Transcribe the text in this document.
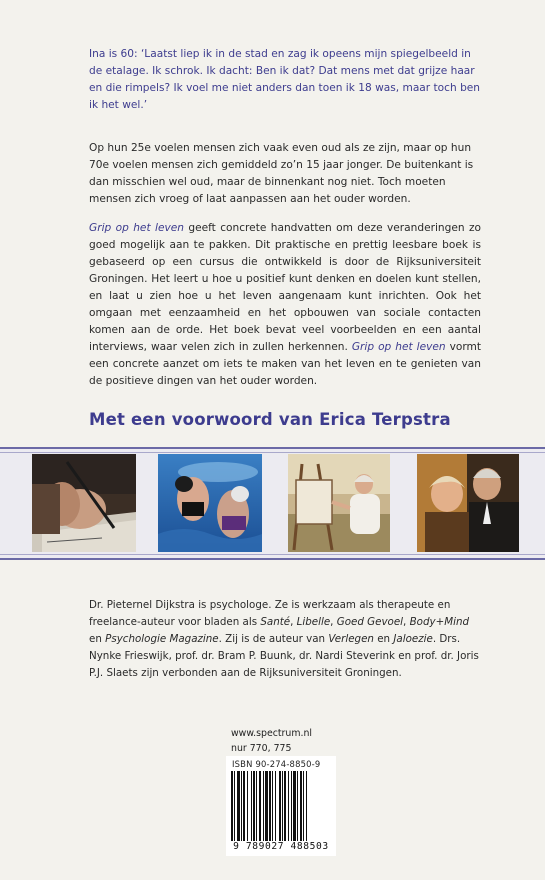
Ina is 60: ‘Laatst liep ik in de stad en zag ik opeens mijn spiegelbeeld in de etalage. Ik schrok. Ik dacht: Ben ik dat? Dat mens met dat grijze haar en die rimpels? Ik voel me niet anders dan toen ik 18 was, maar toch ben ik het wel.’

Op hun 25e voelen mensen zich vaak even oud als ze zijn, maar op hun 70e voelen mensen zich gemiddeld zo’n 15 jaar jonger. De buitenkant is dan misschien wel oud, maar de binnenkant nog niet. Toch moeten mensen zich vroeg of laat aanpassen aan het ouder worden.

Grip op het leven geeft concrete handvatten om deze veranderingen zo goed mogelijk aan te pakken. Dit praktische en prettig leesbare boek is gebaseerd op een cursus die ontwikkeld is door de Rijksuniversiteit Groningen. Het leert u hoe u positief kunt denken en doelen kunt stellen, en laat u zien hoe u het leven aangenaam kunt inrichten. Ook het omgaan met eenzaamheid en het opbouwen van sociale contacten komen aan de orde. Het boek bevat veel voorbeelden en een aantal interviews, waar velen zich in zullen herkennen. Grip op het leven vormt een concrete aanzet om iets te maken van het leven en te genieten van de positieve dingen van het ouder worden.

Met een voorwoord van Erica Terpstra

Dr. Pieternel Dijkstra is psychologe. Ze is werkzaam als therapeute en freelance-auteur voor bladen als Santé, Libelle, Goed Gevoel, Body+Mind en Psychologie Magazine. Zij is de auteur van Verlegen en Jaloezie. Drs. Nynke Frieswijk, prof. dr. Bram P. Buunk, dr. Nardi Steverink en prof. dr. Joris P.J. Slaets zijn verbonden aan de Rijksuniversiteit Groningen.

www.spectrum.nl
nur 770, 775
ISBN 90-274-8850-9
9 789027 488503
